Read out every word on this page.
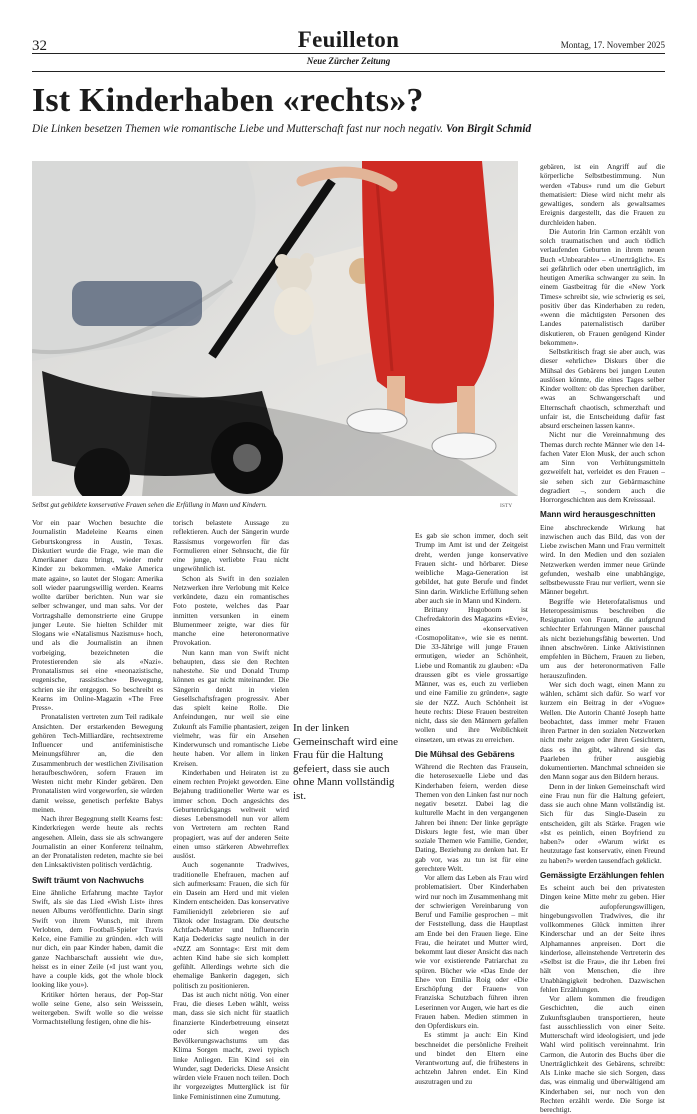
32	Feuilleton
Neue Zürcher Zeitung
Montag, 17. November 2025
Ist Kinderhaben «rechts»?
Die Linken besetzen Themen wie romantische Liebe und Mutterschaft fast nur noch negativ. Von Birgit Schmid
Selbst gut gebildete konservative Frauen sehen die Erfüllung in Mann und Kindern.	ISTY

Vor ein paar Wochen besuchte die Journalistin Madeleine Kearns einen Geburtskongress in Austin, Texas. Diskutiert wurde die Frage, wie man die Amerikaner dazu bringt, wieder mehr Kinder zu bekommen. «Make America mate again», so lautet der Slogan: Amerika soll wieder paarungswillig werden. Kearns wollte darüber berichten. Nun war sie selber schwanger, und man sahs. Vor der Vortragshalle demonstrierte eine Gruppe junger Leute. Sie hielten Schilder mit Slogans wie «Natalismus Nazismus» hoch, und als die Journalistin an ihnen vorbeiging, bezeichneten die Protestierenden sie als «Nazi». Pronatalismus sei eine «neonazistische, eugenische, rassistische» Bewegung, schrien sie ihr entgegen. So beschreibt es Kearns im Online-Magazin «The Free Press».

Pronatalisten vertreten zum Teil radikale Ansichten. Der erstarkenden Bewegung gehören Tech-Milliardäre, rechtsextreme Influencer und antifeministische Meinungsführer an, die den Zusammenbruch der westlichen Zivilisation heraufbeschwören, sofern Frauen im Westen nicht mehr Kinder gebären. Den Pronatalisten wird vorgeworfen, sie würden damit weisse, genetisch perfekte Babys meinen.

Nach ihrer Begegnung stellt Kearns fest: Kinderkriegen werde heute als rechts angesehen. Allein, dass sie als schwangere Journalistin an einer Konferenz teilnahm, an der Pronatalisten redeten, machte sie bei den Linksaktivisten politisch verdächtig.

Swift träumt von Nachwuchs

Eine ähnliche Erfahrung machte Taylor Swift, als sie das Lied «Wish List» ihres neuen Albums veröffentlichte. Darin singt Swift von ihrem Wunsch, mit ihrem Verlobten, dem Football-Spieler Travis Kelce, eine Familie zu gründen. «Ich will nur dich, ein paar Kinder haben, damit die ganze Nachbarschaft aussieht wie du», heisst es in einer Zeile («I just want you, have a couple kids, got the whole block looking like you»).

Kritiker hörten heraus, der Pop-Star wolle seine Gene, also sein Weisssein, weitergeben. Swift wolle so die weisse Vormachtstellung festigen, ohne die his-

torisch belastete Aussage zu reflektieren. Auch der Sängerin wurde Rassismus vorgeworfen für das Formulieren einer Sehnsucht, die für eine junge, verliebte Frau nicht ungewöhnlich ist.

Schon als Swift in den sozialen Netzwerken ihre Verlobung mit Kelce verkündete, dazu ein romantisches Foto postete, welches das Paar inmitten versunken in einem Blumenmeer zeigte, war dies für manche eine heteronormative Provokation.

Nun kann man von Swift nicht behaupten, dass sie den Rechten nahestehe. Sie und Donald Trump können es gar nicht miteinander. Die Sängerin denkt in vielen Gesellschaftsfragen progressiv. Aber das spielt keine Rolle. Die Anfeindungen, nur weil sie eine Zukunft als Familie phantasiert, zeigen vielmehr, was für ein Ansehen Kinderwunsch und romantische Liebe heute haben. Vor allem in linken Kreisen.

Kinderhaben und Heiraten ist zu einem rechten Projekt geworden. Eine Bejahung traditioneller Werte war es immer schon. Doch angesichts des Geburtenrückgangs weltweit wird dieses Lebensmodell nun vor allem von Vertretern am rechten Rand propagiert, was auf der anderen Seite einen umso stärkeren Abwehrreflex auslöst.

Auch sogenannte Tradwives, traditionelle Ehefrauen, machen auf sich aufmerksam: Frauen, die sich für ein Dasein am Herd und mit vielen Kindern entscheiden. Das konservative Familienidyll zelebrieren sie auf Tiktok oder Instagram. Die deutsche Achtfach-Mutter und Influencerin Katja Dedericks sagte neulich in der «NZZ am Sonntag»: Erst mit dem achten Kind habe sie sich komplett gefühlt. Allerdings wehrte sich die ehemalige Bankerin dagegen, sich politisch zu positionieren.

Das ist auch nicht nötig. Von einer Frau, die dieses Leben wählt, weiss man, dass sie sich nicht für staatlich finanzierte Kinderbetreuung einsetzt oder sich wegen des Bevölkerungswachstums um das Klima Sorgen macht, zwei typisch linke Anliegen. Ein Kind sei ein Wunder, sagt Dedericks. Diese Ansicht würden viele Frauen noch teilen. Doch ihr vorgezeigtes Mutterglück ist für linke Feministinnen eine Zumutung.

In der linken Gemeinschaft wird eine Frau für die Haltung gefeiert, dass sie auch ohne Mann vollständig ist.

Es gab sie schon immer, doch seit Trump im Amt ist und der Zeitgeist dreht, werden junge konservative Frauen sicht- und hörbarer. Diese weibliche Maga-Generation ist gebildet, hat gute Berufe und findet Sinn darin. Wirkliche Erfüllung sehen aber auch sie in Mann und Kindern.

Brittany Hugoboom ist Chefredaktorin des Magazins «Evie», eines «konservativen ‹Cosmopolitan›», wie sie es nennt. Die 33-Jährige will junge Frauen ermutigen, wieder an Schönheit, Liebe und Romantik zu glauben: «Da draussen gibt es viele grossartige Männer, was es, euch zu verlieben und eine Familie zu gründen», sagte sie der NZZ. Auch Schönheit ist heute rechts: Diese Frauen bestreiten nicht, dass sie den Männern gefallen wollen und ihre Weiblichkeit einsetzen, um etwas zu erreichen.

Die Mühsal des Gebärens

Während die Rechten das Frausein, die heterosexuelle Liebe und das Kinderhaben feiern, werden diese Themen von den Linken fast nur noch negativ besetzt. Dabei lag die kulturelle Macht in den vergangenen Jahren bei ihnen: Der linke geprägte Diskurs legte fest, wie man über soziale Themen wie Familie, Gender, Dating, Beziehung zu denken hat. Er gab vor, was zu tun ist für eine gerechtere Welt.

Vor allem das Leben als Frau wird problematisiert. Über Kinderhaben wird nur noch im Zusammenhang mit der schwierigen Vereinbarung von Beruf und Familie gesprochen – mit der Feststellung, dass die Hauptlast am Ende bei den Frauen liege. Eine Frau, die heiratet und Mutter wird, bekommt laut dieser Ansicht das nach wie vor existierende Patriarchat zu spüren. Bücher wie «Das Ende der Ehe» von Emilia Roig oder «Die Erschöpfung der Frauen» von Franziska Schutzbach führen ihren Leserinnen vor Augen, wie hart es die Frauen haben. Medien stimmen in den Opferdiskurs ein.

Es stimmt ja auch: Ein Kind beschneidet die persönliche Freiheit und bindet den Eltern eine Verantwortung auf, die frühestens in achtzehn Jahren endet. Ein Kind auszutragen und zu

gebären, ist ein Angriff auf die körperliche Selbstbestimmung. Nun werden «Tabus» rund um die Geburt thematisiert: Diese wird nicht mehr als gewaltiges, sondern als gewaltsames Ereignis dargestellt, das die Frauen zu durchleiden haben.

Die Autorin Irin Carmon erzählt von solch traumatischen und auch tödlich verlaufenden Geburten in ihrem neuen Buch «Unbearable» – «Unerträglich». Es sei gefährlich oder eben unerträglich, im heutigen Amerika schwanger zu sein. In einem Gastbeitrag für die «New York Times» schreibt sie, wie schwierig es sei, positiv über das Kinderhaben zu reden, «wenn die mächtigsten Personen des Landes paternalistisch darüber diskutieren, ob Frauen genügend Kinder bekommen».

Selbstkritisch fragt sie aber auch, was dieser «ehrliche» Diskurs über die Mühsal des Gebärens bei jungen Leuten auslösen könnte, die eines Tages selber Kinder wollten: ob das Sprechen darüber, «was an Schwangerschaft und Elternschaft chaotisch, schmerzhaft und unfair ist, die Entscheidung dafür fast absurd erscheinen lassen kann».

Nicht nur die Vereinnahmung des Themas durch rechte Männer wie den 14-fachen Vater Elon Musk, der auch schon am Sinn von Verhütungsmitteln gezweifelt hat, verleidet es den Frauen – sie sehen sich zur Gebärmaschine degradiert –, sondern auch die Horrorgeschichten aus dem Kreisssaal.

Mann wird herausgeschnitten

Eine abschreckende Wirkung hat inzwischen auch das Bild, das von der Liebe zwischen Mann und Frau vermittelt wird. In den Medien und den sozialen Netzwerken werden immer neue Gründe gefunden, weshalb eine unabhängige, selbstbewusste Frau nur verliert, wenn sie Männer begehrt.

Begriffe wie Heterofatalismus und Heteropessimismus beschreiben die Resignation von Frauen, die aufgrund schlechter Erfahrungen Männer pauschal als nicht beziehungsfähig bewerten. Und ihnen abschwören. Linke Aktivistinnen empfehlen in Büchern, Frauen zu lieben, um aus der heteronormativen Falle herauszufinden.

Wer sich doch wagt, einen Mann zu wählen, schämt sich dafür. So warf vor kurzem ein Beitrag in der «Vogue» Wellen. Die Autorin Chanté Joseph hatte beobachtet, dass immer mehr Frauen ihren Partner in den sozialen Netzwerken nicht mehr zeigen oder ihren Gesichtern, dass es ihn gibt, während sie das Paarleben früher ausgiebig dokumentierten. Manchmal schneiden sie den Mann sogar aus den Bildern heraus.

Denn in der linken Gemeinschaft wird eine Frau nun für die Haltung gefeiert, dass sie auch ohne Mann vollständig ist. Sich für das Single-Dasein zu entscheiden, gilt als Stärke. Fragen wie «Ist es peinlich, einen Boyfriend zu haben?» oder «Warum wirkt es heutzutage fast konservativ, einen Freund zu haben?» werden tausendfach geklickt.

Gemässigte Erzählungen fehlen

Es scheint auch bei den privatesten Dingen keine Mitte mehr zu geben. Hier die aufopferungswilligen, hingebungsvollen Tradwives, die ihr vollkommenes Glück inmitten ihrer Kinderschar und an der Seite ihres Alphamannes anpreisen. Dort die kinderlose, alleinstehende Vertreterin des «Selbst ist die Frau», die ihr Leben frei hält von Menschen, die ihre Unabhängigkeit bedrohen. Dazwischen fehlen Erzählungen.

Vor allem kommen die freudigen Geschichten, die auch einen Zukunftsglauben transportieren, heute fast ausschliesslich von einer Seite. Mutterschaft wird ideologisiert, und jede Wahl wird politisch vereinnahmt. Irin Carmon, die Autorin des Buchs über die Unerträglichkeit des Gebärens, schreibt: Als Linke mache sie sich Sorgen, dass das, was einmalig und überwältigend am Kinderhaben sei, nur noch von den Rechten erzählt werde. Die Sorge ist berechtigt.
